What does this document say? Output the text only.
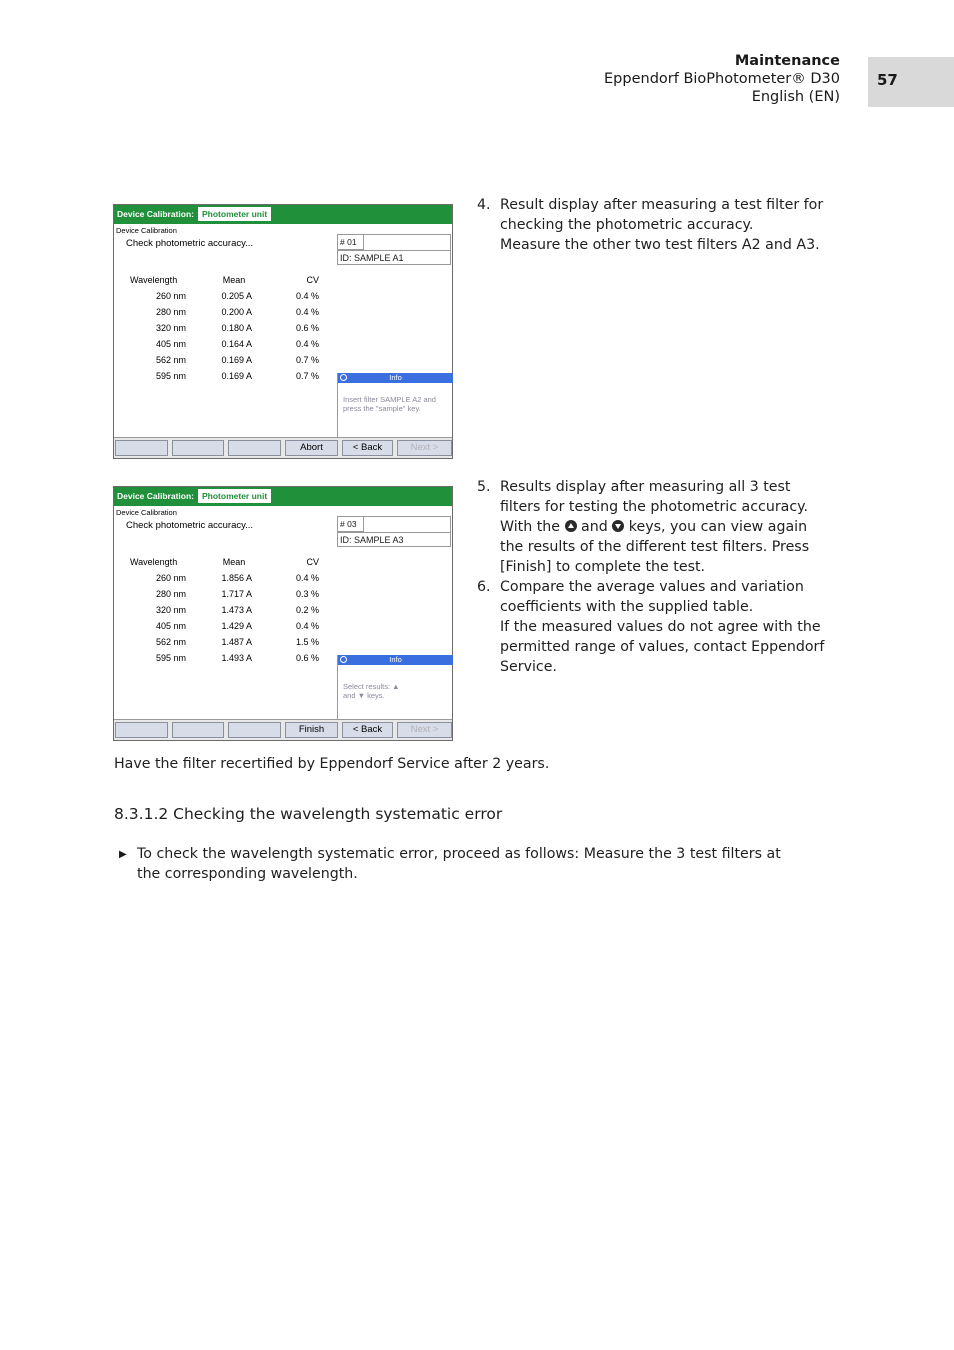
Maintenance
Eppendorf BioPhotometer® D30
English (EN)
57
Device Calibration: Photometer unit
Device Calibration
Check photometric accuracy...	# 01
ID: SAMPLE A1
Wavelength	Mean	CV
260 nm	0.205 A	0.4 %
280 nm	0.200 A	0.4 %
320 nm	0.180 A	0.6 %
405 nm	0.164 A	0.4 %
562 nm	0.169 A	0.7 %
595 nm	0.169 A	0.7 %	Info
Insert filter SAMPLE A2 and press the "sample" key.
Abort	< Back	Next >
Device Calibration: Photometer unit
Device Calibration
Check photometric accuracy...	# 03
ID: SAMPLE A3
Wavelength	Mean	CV
260 nm	1.856 A	0.4 %
280 nm	1.717 A	0.3 %
320 nm	1.473 A	0.2 %
405 nm	1.429 A	0.4 %
562 nm	1.487 A	1.5 %
595 nm	1.493 A	0.6 %	Info
Select results: ▲ and ▼ keys.
Finish	< Back	Next >
4. Result display after measuring a test filter for checking the photometric accuracy.
Measure the other two test filters A2 and A3.
5. Results display after measuring all 3 test filters for testing the photometric accuracy.
With the and keys, you can view again the results of the different test filters. Press [Finish] to complete the test.
6. Compare the average values and variation coefficients with the supplied table.
If the measured values do not agree with the permitted range of values, contact Eppendorf Service.
Have the filter recertified by Eppendorf Service after 2 years.
8.3.1.2 Checking the wavelength systematic error
▶ To check the wavelength systematic error, proceed as follows: Measure the 3 test filters at the corresponding wavelength.
